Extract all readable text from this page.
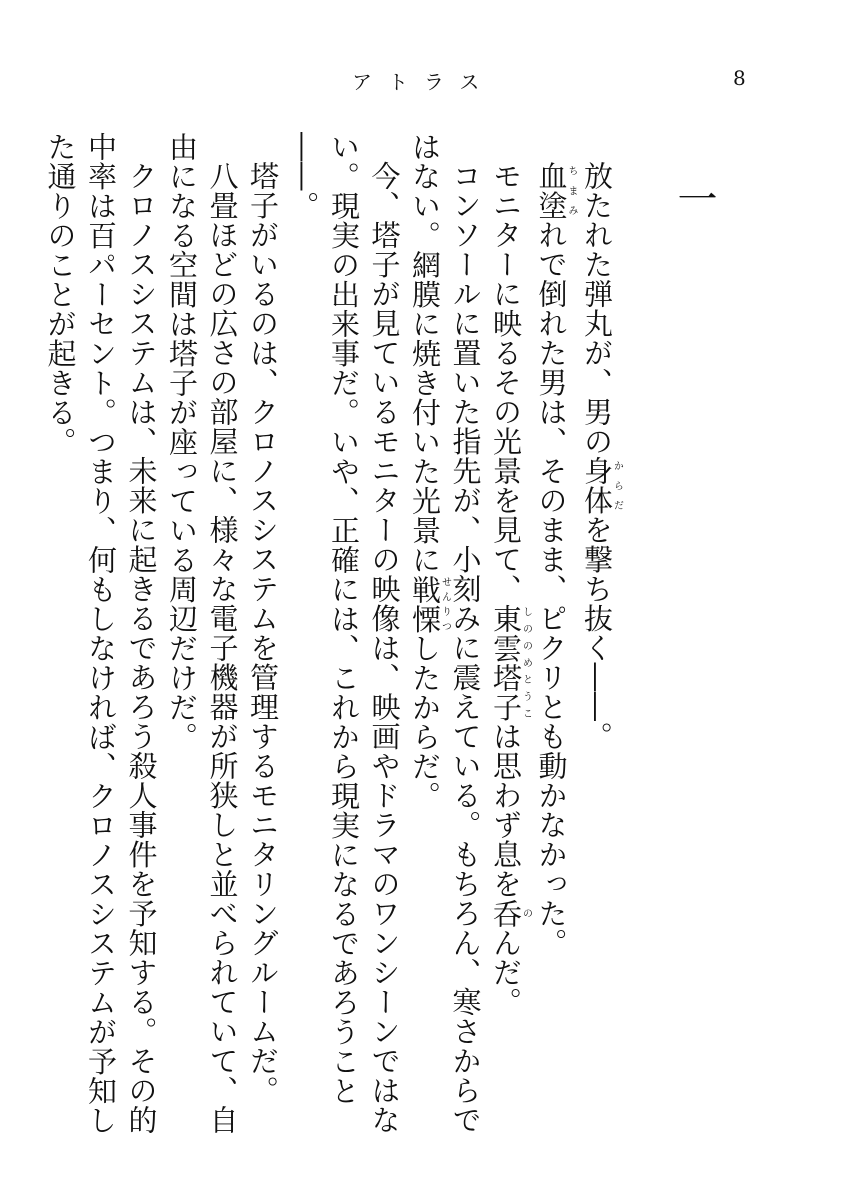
アトラス	8
一

放たれた弾丸が、男の身体からだを撃ち抜く――。

血塗ちまみれで倒れた男は、そのまま、ピクリとも動かなかった。

モニターに映るその光景を見て、東雲塔子しののめとうこは思わず息を呑のんだ。

コンソールに置いた指先が、小刻みに震えている。もちろん、寒さからではない。網膜に焼き付いた光景に戦慄せんりつしたからだ。

今、塔子が見ているモニターの映像は、映画やドラマのワンシーンではない。現実の出来事だ。いや、正確には、これから現実になるであろうこと――。

塔子がいるのは、クロノスシステムを管理するモニタリングルームだ。

八畳ほどの広さの部屋に、様々な電子機器が所狭しと並べられていて、自由になる空間は塔子が座っている周辺だけだ。

クロノスシステムは、未来に起きるであろう殺人事件を予知する。その的中率は百パーセント。つまり、何もしなければ、クロノスシステムが予知した通りのことが起きる。
